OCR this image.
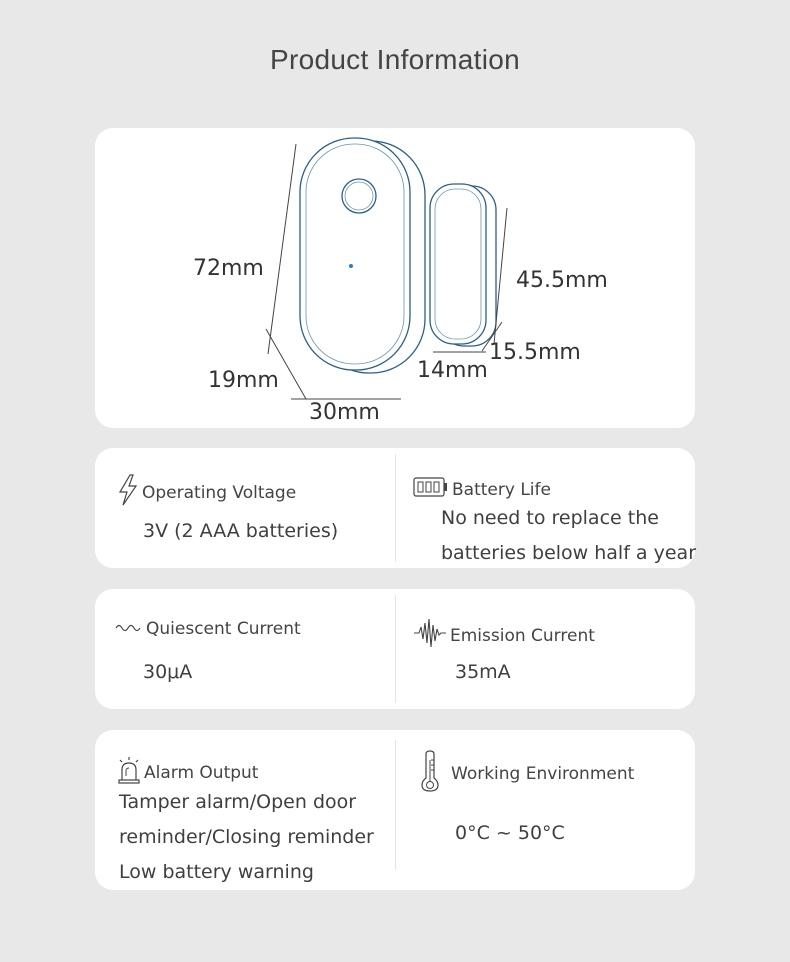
Product Information
72mm
19mm
30mm
45.5mm
14mm
15.5mm
Operating Voltage
3V (2 AAA batteries)
Battery Life
No need to replace the
batteries below half a year
Quiescent Current
30μA
Emission Current
35mA
Alarm Output
Tamper alarm/Open door
reminder/Closing reminder
Low battery warning
Working Environment
0°C ~ 50°C
